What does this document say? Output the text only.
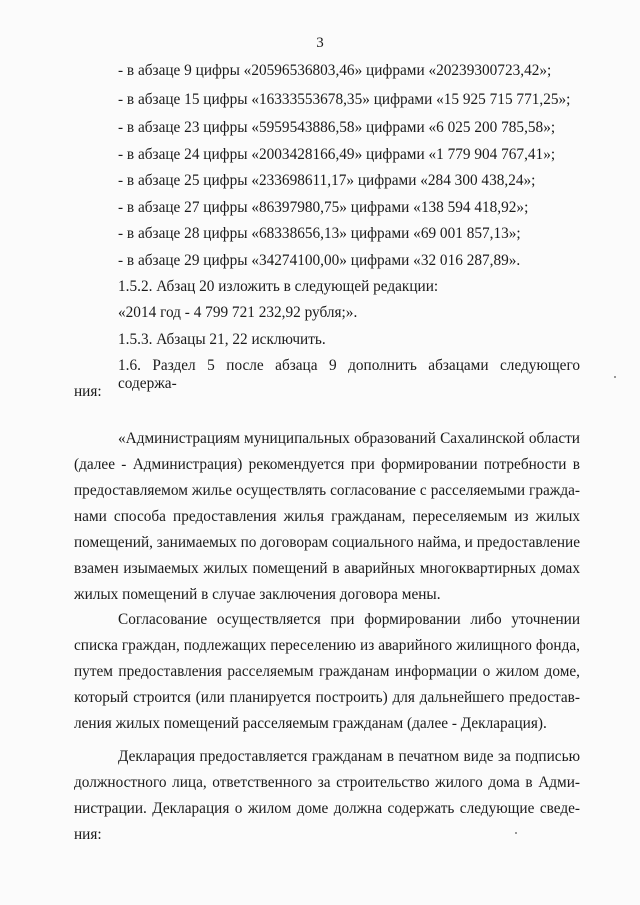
3
- в абзаце 9 цифры «20596536803,46» цифрами «20239300723,42»;
- в абзаце 15 цифры «16333553678,35» цифрами «15 925 715 771,25»;
- в абзаце 23 цифры «5959543886,58» цифрами «6 025 200 785,58»;
- в абзаце 24 цифры «2003428166,49» цифрами «1 779 904 767,41»;
- в абзаце 25 цифры «233698611,17» цифрами «284 300 438,24»;
- в абзаце 27 цифры «86397980,75» цифрами «138 594 418,92»;
- в абзаце 28 цифры «68338656,13» цифрами «69 001 857,13»;
- в абзаце 29 цифры «34274100,00» цифрами «32 016 287,89».
1.5.2. Абзац 20 изложить в следующей редакции:
«2014 год - 4 799 721 232,92 рубля;».
1.5.3. Абзацы 21, 22 исключить.
1.6. Раздел 5 после абзаца 9 дополнить абзацами следующего содержа-
ния:
«Администрациям муниципальных образований Сахалинской области
(далее - Администрация) рекомендуется при формировании потребности в
предоставляемом жилье осуществлять согласование с расселяемыми гражда-
нами способа предоставления жилья гражданам, переселяемым из жилых
помещений, занимаемых по договорам социального найма, и предоставление
взамен изымаемых жилых помещений в аварийных многоквартирных домах
жилых помещений в случае заключения договора мены.
Согласование осуществляется при формировании либо уточнении
списка граждан, подлежащих переселению из аварийного жилищного фонда,
путем предоставления расселяемым гражданам информации о жилом доме,
который строится (или планируется построить) для дальнейшего предостав-
ления жилых помещений расселяемым гражданам (далее - Декларация).
Декларация предоставляется гражданам в печатном виде за подписью
должностного лица, ответственного за строительство жилого дома в Адми-
нистрации. Декларация о жилом доме должна содержать следующие сведе-
ния:
